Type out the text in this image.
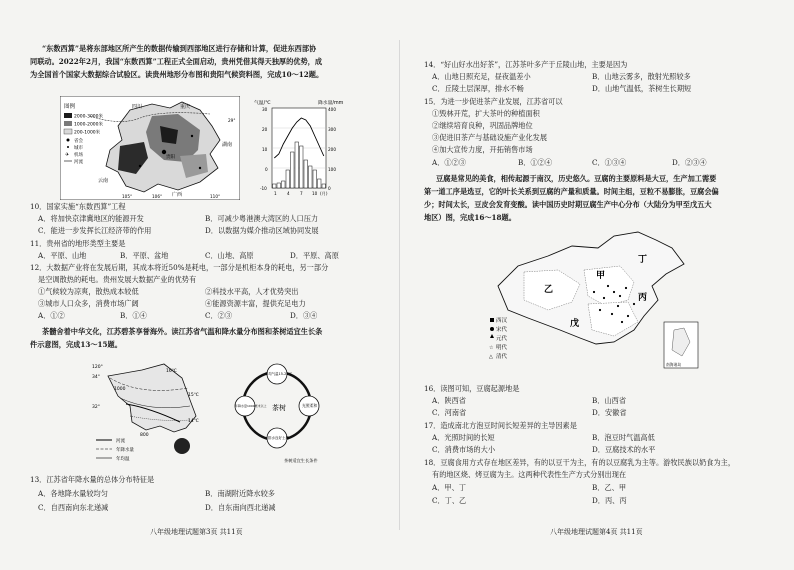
“东数西算”是将东部地区所产生的数据传输到西部地区进行存储和计算，促进东西部协
同联动。2022年2月，我国“东数西算”工程正式全面启动，贵州凭借其得天独厚的优势，成
为全国首个国家大数据综合试验区。读贵州地形分布图和贵阳气候资料图，完成10～12题。
图例
2000-3000米
1000-2000米
200-1000米
省会
城市
✈ 机场
河流
四川	重庆
湖南
云南
广西
贵阳
105°	106°	110°
29°
气温/℃	降水量/mm
400
300
200
100
0
30
20
10
0
-10
1 4 7 10 (月)
10．国家实施“东数西算”工程
A．将加快京津冀地区的能源开发	B．可减少粤港澳大湾区的人口压力
C．能进一步发挥长江经济带的作用	D．以数据为媒介推动区域协同发展
11．贵州省的地形类型主要是
A．平原、山地	B．平原、盆地	C．山地、高原	D．平原、高原
12．大数据产业将在发展后期，其成本将近50%是耗电，一部分是机柜本身的耗电，另一部分
是空调散热的耗电。贵州发展大数据产业的优势有
①气候较为凉爽，散热成本较低	②科技水平高，人才优势突出
③城市人口众多，消费市场广阔	④能源资源丰富，提供充足电力
A．①②	B．①④	C．②③	D．③④
茶髓舍着中华文化，江苏碧茶享誉海外。读江苏省气温和降水量分布图和茶树适宜生长条
件示意图，完成13～15题。
120°
34°
32°
16℃
15℃
14℃
1000
800
河流
年降水量
年均温
茶树
年均气温15-23℃
年降水量1000毫米以上	光照柔和
排水良好土壤
茶树适宜生长条件
13．江苏省年降水量的总体分布特征是
A．各地降水量较均匀	B．南湖附近降水较多
C．自西南向东北递减	D．自东南向西北递减
八年级地理试题第3页 共11页
14．“好山好水出好茶”，江苏茶叶多产于丘陵山地，主要是因为
A．山地日照充足，昼夜温差小	B．山地云雾多，散射光照较多
C．丘陵土层深厚，排水不畅	D．山地气温低，茶树生长期短
15．为进一步促进茶产业发展，江苏省可以
①毁林开荒，扩大茶叶的种植面积
②继续培育良种，巩固品牌地位
③促进旧茶产与基础设施产业化发展
④加大宣传力度，开拓销售市场
A．①②③	B．①②④	C．①③④	D．②③④
豆腐是常见的美食，相传起源于南汉，历史悠久。豆腐的主要原料是大豆，生产加工需要
第一道工序是选豆，它的叶长关系到豆腐的产量和质量。时间主组，豆粒不易膨胀，豆腐会偏
少；时间太长，豆皮会发育变酸。读中国历史时期豆腐生产中心分布（大陆分为甲至戊五大
地区）图，完成16～18题。
甲
乙
丙
丁
戊
西汉
宋代
元代
☆ 明代
△ 清代
南海诸岛
16．读图可知，豆腐起源地是
A．陕西省	B．山西省
C．河南省	D．安徽省
17．造成南北方泡豆时间长短差异的主导因素是
A．光照时间的长短	B．泡豆时气温高低
C．消费市场的大小	D．豆腐技术的水平
18．豆腐食用方式存在地区差异，有的以豆干为主，有的以豆腐乳为主等。游牧民族以奶食为主，
有的地区烧、烤豆腐为主。这两种代表性生产方式分别出现在
A．甲、丁	B．乙、甲
C．丁、乙	D．丙、丙
八年级地理试题第4页 共11页
